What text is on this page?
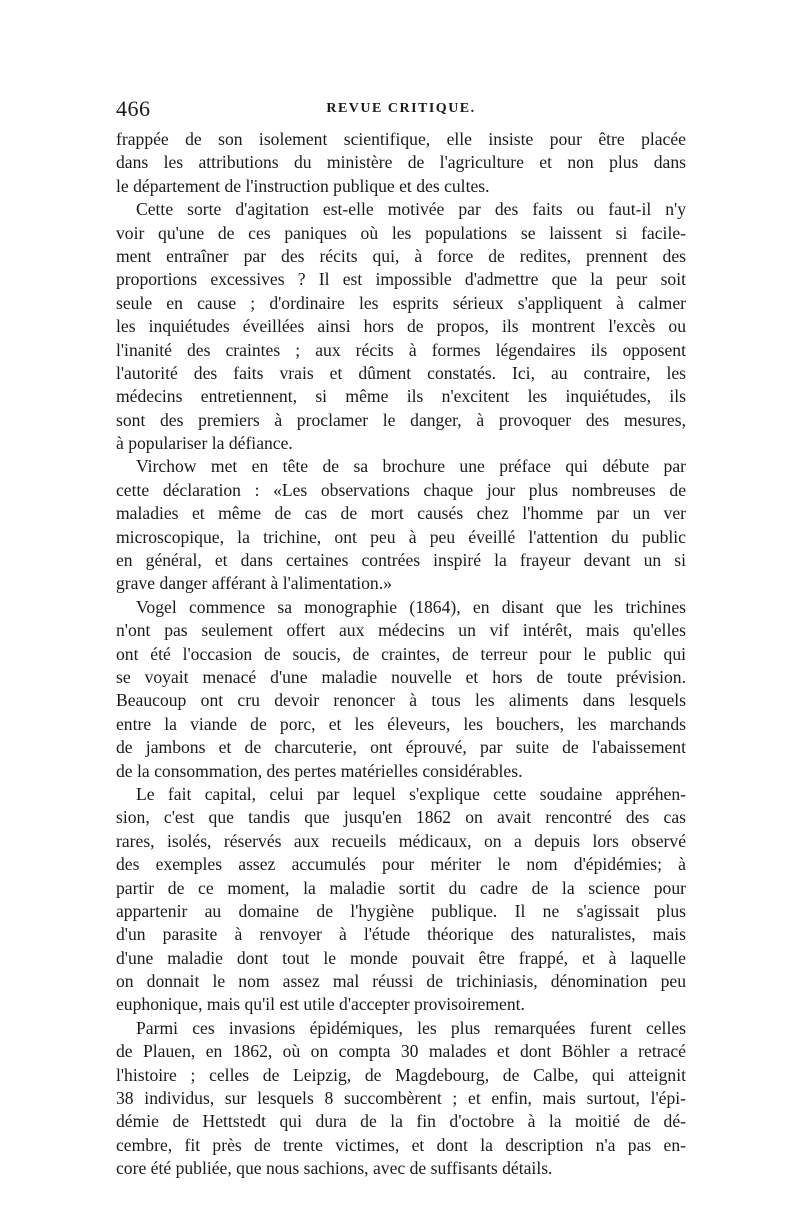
466	REVUE CRITIQUE.
frappée de son isolement scientifique, elle insiste pour être placée
dans les attributions du ministère de l'agriculture et non plus dans
le département de l'instruction publique et des cultes.
Cette sorte d'agitation est-elle motivée par des faits ou faut-il n'y
voir qu'une de ces paniques où les populations se laissent si facile-
ment entraîner par des récits qui, à force de redites, prennent des
proportions excessives ? Il est impossible d'admettre que la peur soit
seule en cause ; d'ordinaire les esprits sérieux s'appliquent à calmer
les inquiétudes éveillées ainsi hors de propos, ils montrent l'excès ou
l'inanité des craintes ; aux récits à formes légendaires ils opposent
l'autorité des faits vrais et dûment constatés. Ici, au contraire, les
médecins entretiennent, si même ils n'excitent les inquiétudes, ils
sont des premiers à proclamer le danger, à provoquer des mesures,
à populariser la défiance.
Virchow met en tête de sa brochure une préface qui débute par
cette déclaration : «Les observations chaque jour plus nombreuses de
maladies et même de cas de mort causés chez l'homme par un ver
microscopique, la trichine, ont peu à peu éveillé l'attention du public
en général, et dans certaines contrées inspiré la frayeur devant un si
grave danger afférant à l'alimentation.»
Vogel commence sa monographie (1864), en disant que les trichines
n'ont pas seulement offert aux médecins un vif intérêt, mais qu'elles
ont été l'occasion de soucis, de craintes, de terreur pour le public qui
se voyait menacé d'une maladie nouvelle et hors de toute prévision.
Beaucoup ont cru devoir renoncer à tous les aliments dans lesquels
entre la viande de porc, et les éleveurs, les bouchers, les marchands
de jambons et de charcuterie, ont éprouvé, par suite de l'abaissement
de la consommation, des pertes matérielles considérables.
Le fait capital, celui par lequel s'explique cette soudaine appréhen-
sion, c'est que tandis que jusqu'en 1862 on avait rencontré des cas
rares, isolés, réservés aux recueils médicaux, on a depuis lors observé
des exemples assez accumulés pour mériter le nom d'épidémies; à
partir de ce moment, la maladie sortit du cadre de la science pour
appartenir au domaine de l'hygiène publique. Il ne s'agissait plus
d'un parasite à renvoyer à l'étude théorique des naturalistes, mais
d'une maladie dont tout le monde pouvait être frappé, et à laquelle
on donnait le nom assez mal réussi de trichiniasis, dénomination peu
euphonique, mais qu'il est utile d'accepter provisoirement.
Parmi ces invasions épidémiques, les plus remarquées furent celles
de Plauen, en 1862, où on compta 30 malades et dont Böhler a retracé
l'histoire ; celles de Leipzig, de Magdebourg, de Calbe, qui atteignit
38 individus, sur lesquels 8 succombèrent ; et enfin, mais surtout, l'épi-
démie de Hettstedt qui dura de la fin d'octobre à la moitié de dé-
cembre, fit près de trente victimes, et dont la description n'a pas en-
core été publiée, que nous sachions, avec de suffisants détails.
